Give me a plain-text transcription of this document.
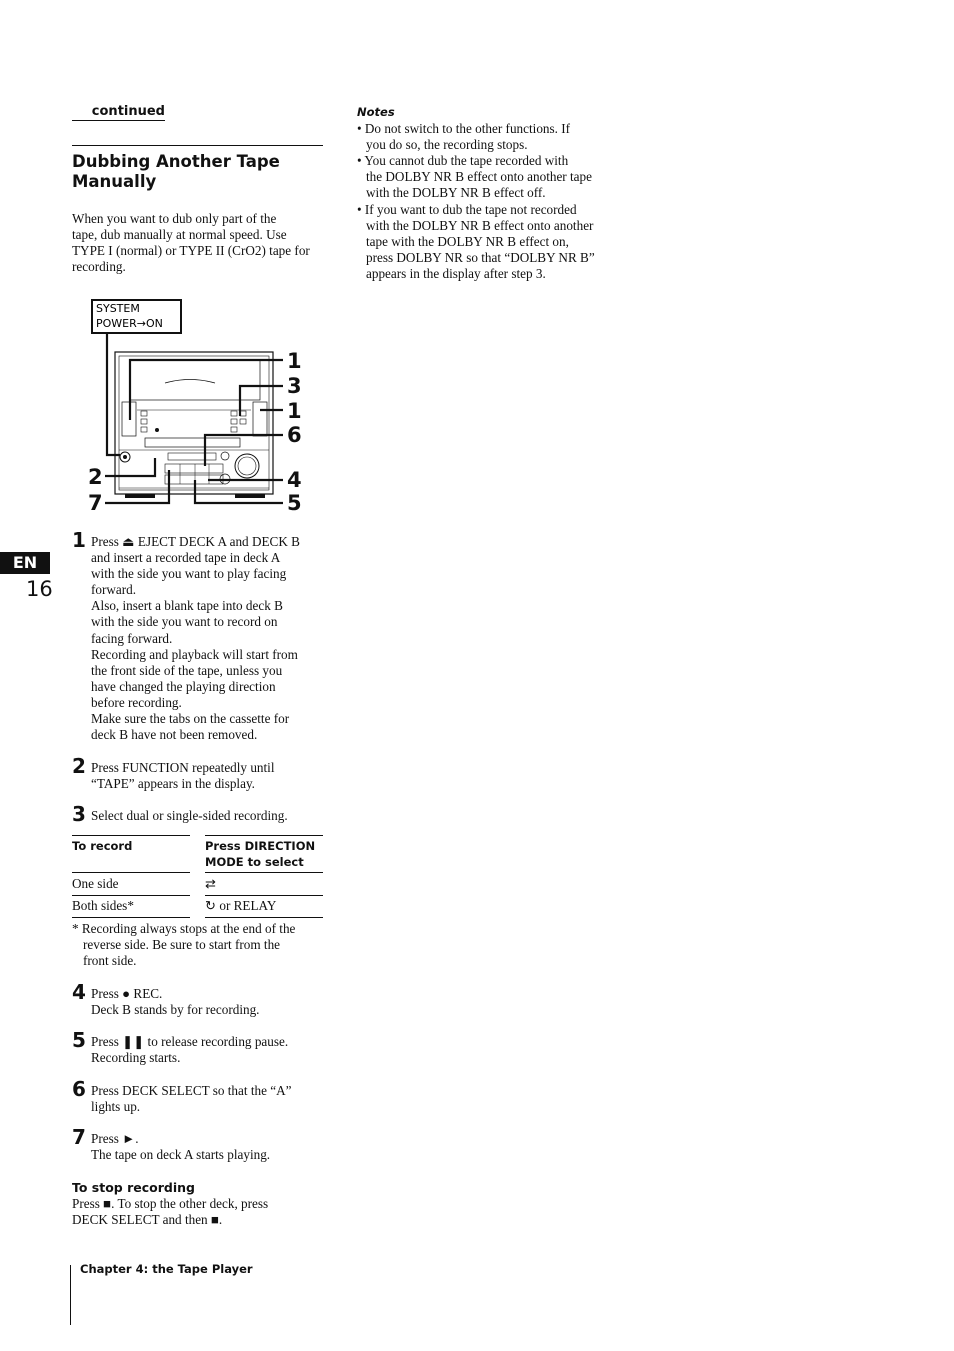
continued
Dubbing Another Tape Manually
When you want to dub only part of the
tape, dub manually at normal speed. Use
TYPE I (normal) or TYPE II (CrO2) tape for
recording.
SYSTEM
POWER→ON
1
3
1
6
4
5
2
7
1 Press ⏏ EJECT DECK A and DECK B
and insert a recorded tape in deck A
with the side you want to play facing
forward.
Also, insert a blank tape into deck B
with the side you want to record on
facing forward.
Recording and playback will start from
the front side of the tape, unless you
have changed the playing direction
before recording.
Make sure the tabs on the cassette for
deck B have not been removed.
2 Press FUNCTION repeatedly until
“TAPE” appears in the display.
3 Select dual or single-sided recording.
To record	Press DIRECTION
MODE to select
One side	⇄
Both sides*	↻ or RELAY
* Recording always stops at the end of the
reverse side. Be sure to start from the
front side.
4 Press ● REC.
Deck B stands by for recording.
5 Press ❚❚ to release recording pause.
Recording starts.
6 Press DECK SELECT so that the “A”
lights up.
7 Press ►.
The tape on deck A starts playing.
To stop recording
Press ■. To stop the other deck, press
DECK SELECT and then ■.
Notes
• Do not switch to the other functions. If
you do so, the recording stops.
• You cannot dub the tape recorded with
the DOLBY NR B effect onto another tape
with the DOLBY NR B effect off.
• If you want to dub the tape not recorded
with the DOLBY NR B effect onto another
tape with the DOLBY NR B effect on,
press DOLBY NR so that “DOLBY NR B”
appears in the display after step 3.
EN
16
Chapter 4: the Tape Player
